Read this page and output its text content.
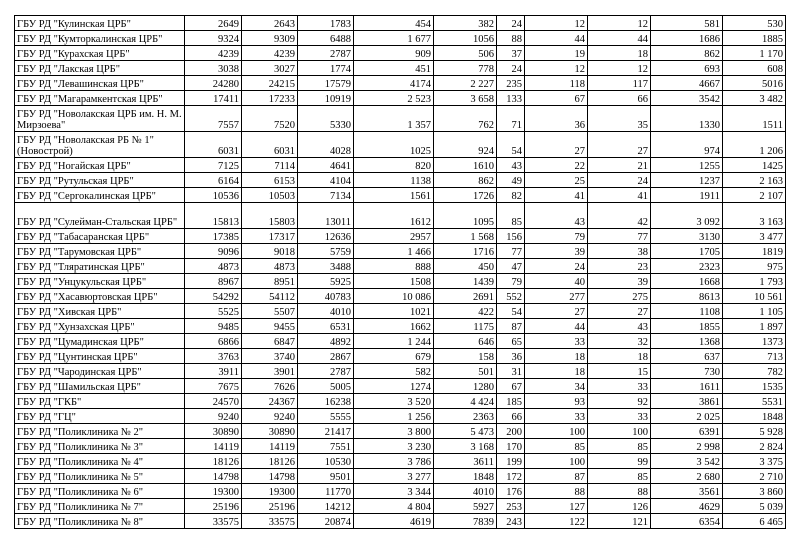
ГБУ РД "Кулинская ЦРБ"	2649	2643	1783	454	382	24	12	12	581	530
ГБУ РД "Кумторкалинская ЦРБ"	9324	9309	6488	1 677	1056	88	44	44	1686	1885
ГБУ РД "Курахская ЦРБ"	4239	4239	2787	909	506	37	19	18	862	1 170
ГБУ РД "Лакская ЦРБ"	3038	3027	1774	451	778	24	12	12	693	608
ГБУ РД "Левашинская ЦРБ"	24280	24215	17579	4174	2 227	235	118	117	4667	5016
ГБУ РД "Магарамкентская ЦРБ"	17411	17233	10919	2 523	3 658	133	67	66	3542	3 482
ГБУ РД "Новолакская ЦРБ им. Н. М. Мирзоева"	7557	7520	5330	1 357	762	71	36	35	1330	1511
ГБУ РД "Новолакская РБ № 1" (Новострой)	6031	6031	4028	1025	924	54	27	27	974	1 206
ГБУ РД "Ногайская ЦРБ"	7125	7114	4641	820	1610	43	22	21	1255	1425
ГБУ РД "Рутульская ЦРБ"	6164	6153	4104	1138	862	49	25	24	1237	2 163
ГБУ РД "Сергокалинская ЦРБ"	10536	10503	7134	1561	1726	82	41	41	1911	2 107
ГБУ РД "Сулейман-Стальская ЦРБ"	15813	15803	13011	1612	1095	85	43	42	3 092	3 163
ГБУ РД "Табасаранская ЦРБ"	17385	17317	12636	2957	1 568	156	79	77	3130	3 477
ГБУ РД "Тарумовская ЦРБ"	9096	9018	5759	1 466	1716	77	39	38	1705	1819
ГБУ РД "Тляратинская ЦРБ"	4873	4873	3488	888	450	47	24	23	2323	975
ГБУ РД "Унцукульская ЦРБ"	8967	8951	5925	1508	1439	79	40	39	1668	1 793
ГБУ РД "Хасавюртовская ЦРБ"	54292	54112	40783	10 086	2691	552	277	275	8613	10 561
ГБУ РД "Хивская ЦРБ"	5525	5507	4010	1021	422	54	27	27	1108	1 105
ГБУ РД "Хунзахская ЦРБ"	9485	9455	6531	1662	1175	87	44	43	1855	1 897
ГБУ РД "Цумадинская ЦРБ"	6866	6847	4892	1 244	646	65	33	32	1368	1373
ГБУ РД "Цунтинская ЦРБ"	3763	3740	2867	679	158	36	18	18	637	713
ГБУ РД "Чародинская ЦРБ"	3911	3901	2787	582	501	31	18	15	730	782
ГБУ РД "Шамильская ЦРБ"	7675	7626	5005	1274	1280	67	34	33	1611	1535
ГБУ РД "ГКБ"	24570	24367	16238	3 520	4 424	185	93	92	3861	5531
ГБУ РД "ГЦ"	9240	9240	5555	1 256	2363	66	33	33	2 025	1848
ГБУ РД "Поликлиника № 2"	30890	30890	21417	3 800	5 473	200	100	100	6391	5 928
ГБУ РД "Поликлиника № 3"	14119	14119	7551	3 230	3 168	170	85	85	2 998	2 824
ГБУ РД "Поликлиника № 4"	18126	18126	10530	3 786	3611	199	100	99	3 542	3 375
ГБУ РД "Поликлиника № 5"	14798	14798	9501	3 277	1848	172	87	85	2 680	2 710
ГБУ РД "Поликлиника № 6"	19300	19300	11770	3 344	4010	176	88	88	3561	3 860
ГБУ РД "Поликлиника № 7"	25196	25196	14212	4 804	5927	253	127	126	4629	5 039
ГБУ РД "Поликлиника № 8"	33575	33575	20874	4619	7839	243	122	121	6354	6 465
